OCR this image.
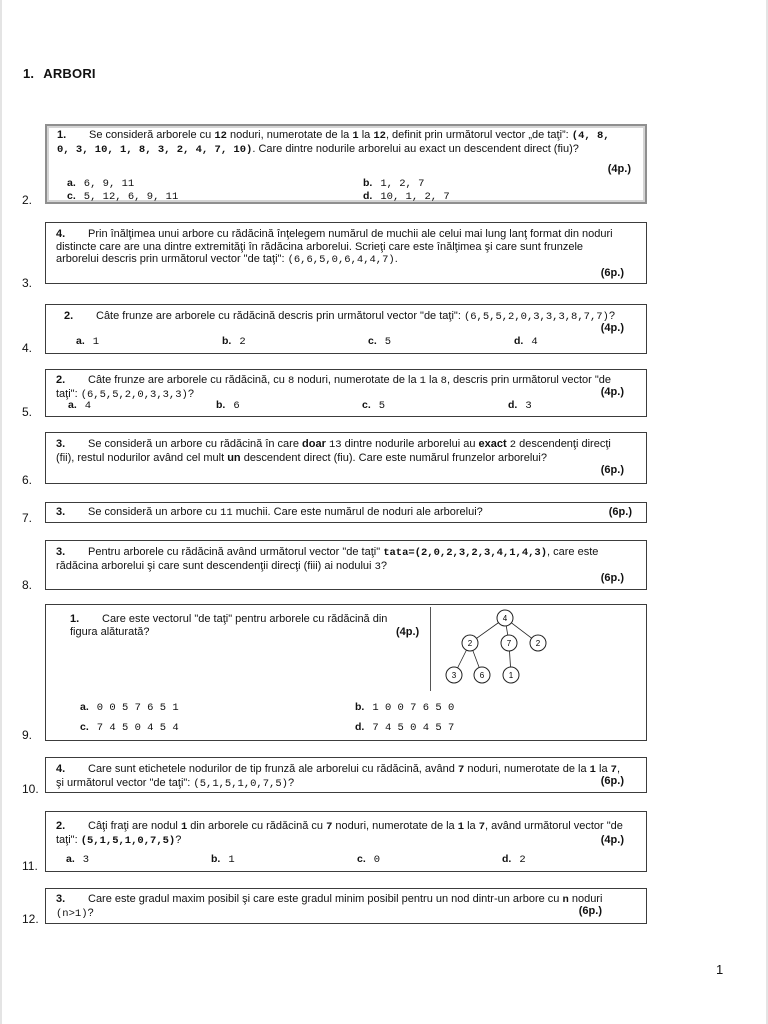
1. ARBORI
1. Se consideră arborele cu 12 noduri, numerotate de la 1 la 12, definit prin următorul vector „de taţi”: (4, 8, 0, 3, 10, 1, 8, 3, 2, 4, 7, 10). Care dintre nodurile arborelui au exact un descendent direct (fiu)?
(4p.)
a. 6, 9, 11	b. 1, 2, 7
c. 5, 12, 6, 9, 11	d. 10, 1, 2, 7
2.
4. Prin înălţimea unui arbore cu rădăcină înţelegem numărul de muchii ale celui mai lung lanţ format din noduri distincte care are una dintre extremităţi în rădăcina arborelui. Scrieţi care este înălţimea şi care sunt frunzele arborelui descris prin următorul vector "de taţi": (6,6,5,0,6,4,4,7).
(6p.)
3.
2. Câte frunze are arborele cu rădăcină descris prin următorul vector "de taţi": (6,5,5,2,0,3,3,3,8,7,7)?
(4p.)
a. 1	b. 2	c. 5	d. 4
4.
2. Câte frunze are arborele cu rădăcină, cu 8 noduri, numerotate de la 1 la 8, descris prin următorul vector "de taţi": (6,5,5,2,0,3,3,3)?	(4p.)
a. 4	b. 6	c. 5	d. 3
5.
3. Se consideră un arbore cu rădăcină în care doar 13 dintre nodurile arborelui au exact 2 descendenţi direcţi (fii), restul nodurilor având cel mult un descendent direct (fiu). Care este numărul frunzelor arborelui?
(6p.)
6.
3. Se consideră un arbore cu 11 muchii. Care este numărul de noduri ale arborelui?	(6p.)
7.
3. Pentru arborele cu rădăcină având următorul vector "de taţi" tata=(2,0,2,3,2,3,4,1,4,3), care este rădăcina arborelui şi care sunt descendenţii direcţi (fiii) ai nodului 3?
(6p.)
8.
1. Care este vectorul "de taţi" pentru arborele cu rădăcină din figura alăturată?	(4p.)
4
2	7	2
3	6	1
a. 0 0 5 7 6 5 1	b. 1 0 0 7 6 5 0
c. 7 4 5 0 4 5 4	d. 7 4 5 0 4 5 7
9.
4. Care sunt etichetele nodurilor de tip frunză ale arborelui cu rădăcină, având 7 noduri, numerotate de la 1 la 7, şi următorul vector "de taţi": (5,1,5,1,0,7,5)?	(6p.)
10.
2. Câţi fraţi are nodul 1 din arborele cu rădăcină cu 7 noduri, numerotate de la 1 la 7, având următorul vector "de taţi": (5,1,5,1,0,7,5)?	(4p.)
a. 3	b. 1	c. 0	d. 2
11.
3. Care este gradul maxim posibil şi care este gradul minim posibil pentru un nod dintr-un arbore cu n noduri (n>1)?	(6p.)
12.
1
